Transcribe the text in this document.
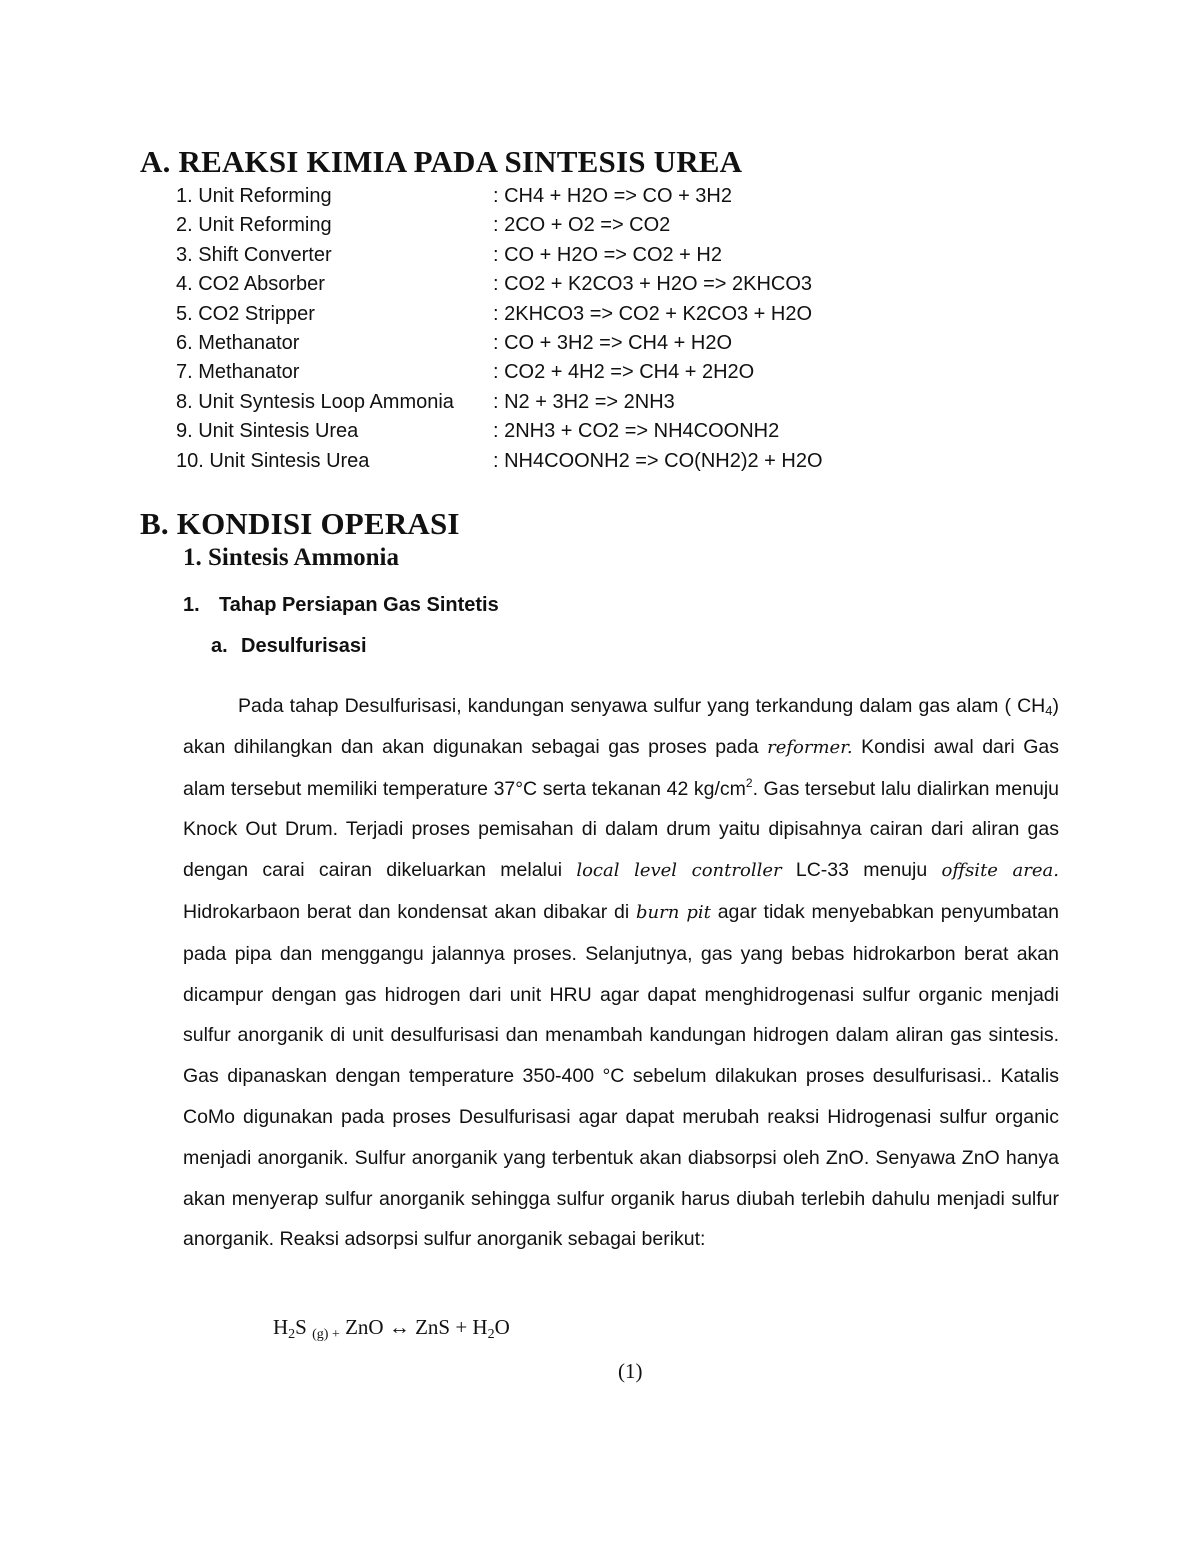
A. REAKSI KIMIA PADA SINTESIS UREA
1. Unit Reforming	: CH4 + H2O => CO + 3H2
2. Unit Reforming	: 2CO + O2 => CO2
3. Shift Converter	: CO + H2O => CO2 + H2
4. CO2 Absorber	: CO2 + K2CO3 + H2O => 2KHCO3
5. CO2 Stripper	: 2KHCO3 => CO2 + K2CO3 + H2O
6. Methanator	: CO + 3H2 => CH4 + H2O
7. Methanator	: CO2 + 4H2 => CH4 + 2H2O
8. Unit Syntesis Loop Ammonia : N2 + 3H2 => 2NH3
9. Unit Sintesis Urea	: 2NH3 + CO2 => NH4COONH2
10. Unit Sintesis Urea	: NH4COONH2 => CO(NH2)2 + H2O
B. KONDISI OPERASI
1. Sintesis Ammonia
1. Tahap Persiapan Gas Sintetis
a. Desulfurisasi

Pada tahap Desulfurisasi, kandungan senyawa sulfur yang terkandung dalam gas alam ( $CH_4$) akan dihilangkan dan akan digunakan sebagai gas proses pada reformer. Kondisi awal dari Gas alam tersebut memiliki temperature 37°C serta tekanan 42 $kg/cm^2$. Gas tersebut lalu dialirkan menuju Knock Out Drum. Terjadi proses pemisahan di dalam drum yaitu dipisahnya cairan dari aliran gas dengan carai cairan dikeluarkan melalui local level controller LC-33 menuju offsite area. Hidrokarbaon berat dan kondensat akan dibakar di burn pit agar tidak menyebabkan penyumbatan pada pipa dan menggangu jalannya proses. Selanjutnya, gas yang bebas hidrokarbon berat akan dicampur dengan gas hidrogen dari unit HRU agar dapat menghidrogenasi sulfur organic menjadi sulfur anorganik di unit desulfurisasi dan menambah kandungan hidrogen dalam aliran gas sintesis. Gas dipanaskan dengan temperature 350-400 °C sebelum dilakukan proses desulfurisasi.. Katalis CoMo digunakan pada proses Desulfurisasi agar dapat merubah reaksi Hidrogenasi sulfur organic menjadi anorganik. Sulfur anorganik yang terbentuk akan diabsorpsi oleh ZnO. Senyawa ZnO hanya akan menyerap sulfur anorganik sehingga sulfur organik harus diubah terlebih dahulu menjadi sulfur anorganik. Reaksi adsorpsi sulfur anorganik sebagai berikut:

$H_2S$ $_{(g) +}$ ZnO ↔ ZnS + $H_2O$
(1)
